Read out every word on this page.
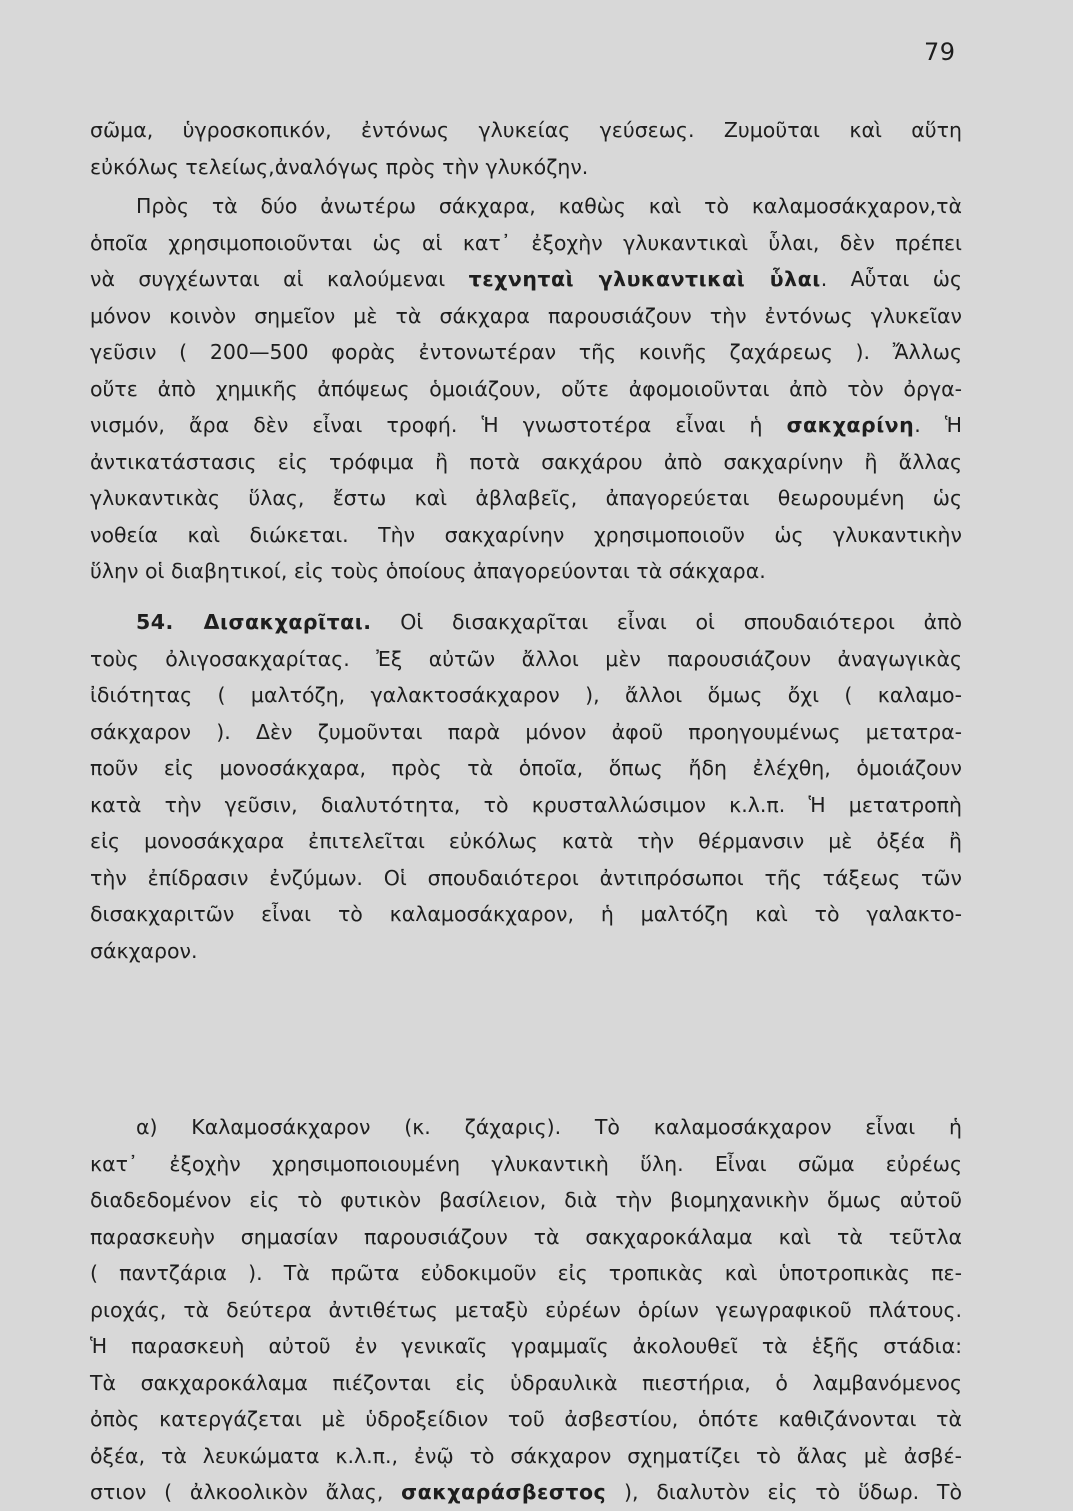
79
σῶμα, ὑγροσκοπικόν, ἐντόνως γλυκείας γεύσεως. Ζυμοῦται καὶ αὕτη
εὐκόλως τελείως,ἀναλόγως πρὸς τὴν γλυκόζην.
Πρὸς τὰ δύο ἀνωτέρω σάκχαρα, καθὼς καὶ τὸ καλαμοσάκχαρον,τὰ
ὁποῖα χρησιμοποιοῦνται ὡς αἱ κατ᾽ ἐξοχὴν γλυκαντικαὶ ὗλαι, δὲν πρέπει
νὰ συγχέωνται αἱ καλούμεναι τεχνηταὶ γλυκαντικαὶ ὗλαι. Αὗται ὡς
μόνον κοινὸν σημεῖον μὲ τὰ σάκχαρα παρουσιάζουν τὴν ἐντόνως γλυκεῖαν
γεῦσιν ( 200—500 φορὰς ἐντονωτέραν τῆς κοινῆς ζαχάρεως ). Ἄλλως
οὔτε ἀπὸ χημικῆς ἀπόψεως ὁμοιάζουν, οὔτε ἀφομοιοῦνται ἀπὸ τὸν ὀργα-
νισμόν, ἄρα δὲν εἶναι τροφή. Ἡ γνωστοτέρα εἶναι ἡ σακχαρίνη. Ἡ
ἀντικατάστασις εἰς τρόφιμα ἢ ποτὰ σακχάρου ἀπὸ σακχαρίνην ἢ ἄλλας
γλυκαντικὰς ὕλας, ἔστω καὶ ἀβλαβεῖς, ἀπαγορεύεται θεωρουμένη ὡς
νοθεία καὶ διώκεται. Τὴν σακχαρίνην χρησιμοποιοῦν ὡς γλυκαντικὴν
ὕλην οἱ διαβητικοί, εἰς τοὺς ὁποίους ἀπαγορεύονται τὰ σάκχαρα.
54. Δισακχαρῖται. Οἱ δισακχαρῖται εἶναι οἱ σπουδαιότεροι ἀπὸ
τοὺς ὀλιγοσακχαρίτας. Ἐξ αὐτῶν ἄλλοι μὲν παρουσιάζουν ἀναγωγικὰς
ἰδιότητας ( μαλτόζη, γαλακτοσάκχαρον ), ἄλλοι ὅμως ὄχι ( καλαμο-
σάκχαρον ). Δὲν ζυμοῦνται παρὰ μόνον ἀφοῦ προηγουμένως μετατρα-
ποῦν εἰς μονοσάκχαρα, πρὸς τὰ ὁποῖα, ὅπως ἤδη ἐλέχθη, ὁμοιάζουν
κατὰ τὴν γεῦσιν, διαλυτότητα, τὸ κρυσταλλώσιμον κ.λ.π. Ἡ μετατροπὴ
εἰς μονοσάκχαρα ἐπιτελεῖται εὐκόλως κατὰ τὴν θέρμανσιν μὲ ὀξέα ἢ
τὴν ἐπίδρασιν ἐνζύμων. Οἱ σπουδαιότεροι ἀντιπρόσωποι τῆς τάξεως τῶν
δισακχαριτῶν εἶναι τὸ καλαμοσάκχαρον, ἡ μαλτόζη καὶ τὸ γαλακτο-
σάκχαρον.
α) Καλαμοσάκχαρον (κ. ζάχαρις). Τὸ καλαμοσάκχαρον εἶναι ἡ
κατ᾽ ἐξοχὴν χρησιμοποιουμένη γλυκαντικὴ ὕλη. Εἶναι σῶμα εὐρέως
διαδεδομένον εἰς τὸ φυτικὸν βασίλειον, διὰ τὴν βιομηχανικὴν ὅμως αὐτοῦ
παρασκευὴν σημασίαν παρουσιάζουν τὰ σακχαροκάλαμα καὶ τὰ τεῦτλα
( παντζάρια ). Τὰ πρῶτα εὐδοκιμοῦν εἰς τροπικὰς καὶ ὑποτροπικὰς πε-
ριοχάς, τὰ δεύτερα ἀντιθέτως μεταξὺ εὐρέων ὁρίων γεωγραφικοῦ πλάτους.
Ἡ παρασκευὴ αὐτοῦ ἐν γενικαῖς γραμμαῖς ἀκολουθεῖ τὰ ἑξῆς στάδια:
Τὰ σακχαροκάλαμα πιέζονται εἰς ὑδραυλικὰ πιεστήρια, ὁ λαμβανόμενος
ὀπὸς κατεργάζεται μὲ ὑδροξείδιον τοῦ ἀσβεστίου, ὁπότε καθιζάνονται τὰ
ὀξέα, τὰ λευκώματα κ.λ.π., ἐνῷ τὸ σάκχαρον σχηματίζει τὸ ἄλας μὲ ἀσβέ-
στιον ( ἀλκοολικὸν ἄλας, σακχαράσβεστος ), διαλυτὸν εἰς τὸ ὕδωρ. Τὸ
